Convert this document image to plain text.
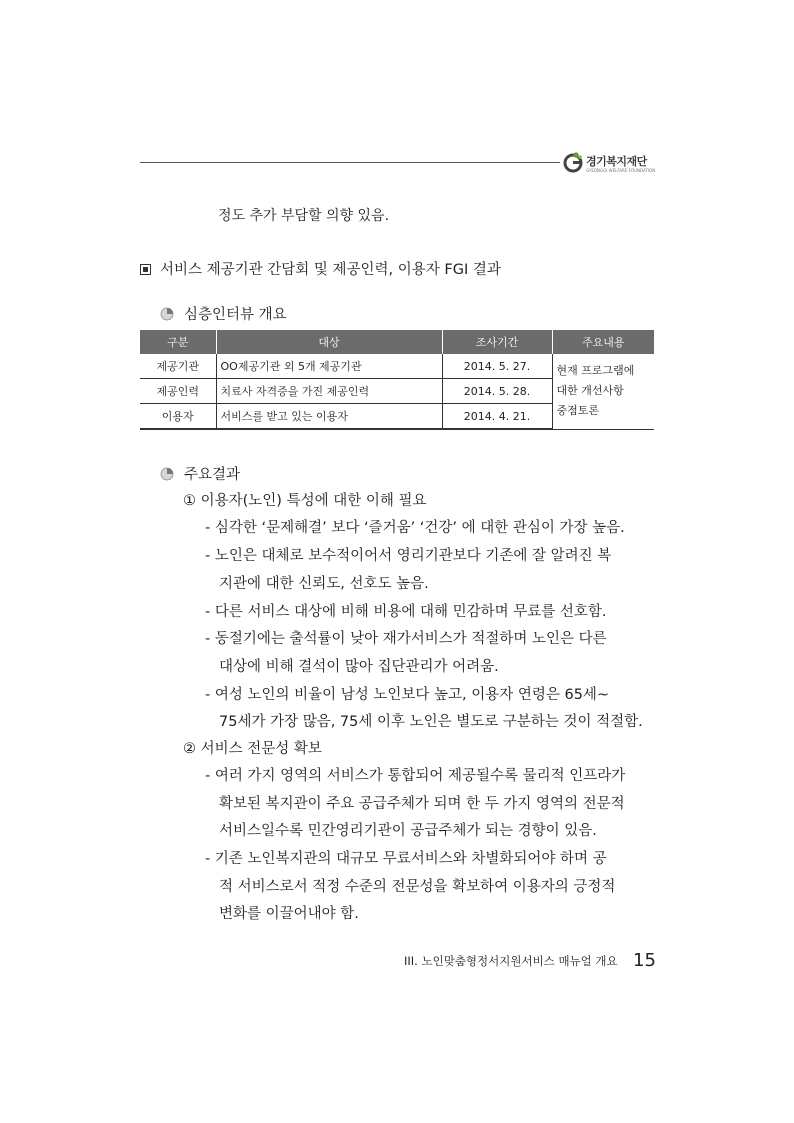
경기복지재단
GYEONGGI WELFARE FOUNDATION
정도 추가 부담할 의향 있음.
서비스 제공기관 간담회 및 제공인력, 이용자 FGI 결과
심층인터뷰 개요
구분	대상	조사기간	주요내용
제공기관	OO제공기관 외 5개 제공기관	2014. 5. 27.	현재 프로그램에
대한 개선사항
중점토론

제공인력	치료사 자격증을 가진 제공인력	2014. 5. 28.	
이용자	서비스를 받고 있는 이용자	2014. 4. 21.	
주요결과
① 이용자(노인) 특성에 대한 이해 필요
- 심각한 ‘문제해결’ 보다 ‘즐거움’ ‘건강’ 에 대한 관심이 가장 높음.
- 노인은 대체로 보수적이어서 영리기관보다 기존에 잘 알려진 복
지관에 대한 신뢰도, 선호도 높음.
- 다른 서비스 대상에 비해 비용에 대해 민감하며 무료를 선호함.
- 동절기에는 출석률이 낮아 재가서비스가 적절하며 노인은 다른
대상에 비해 결석이 많아 집단관리가 어려움.
- 여성 노인의 비율이 남성 노인보다 높고, 이용자 연령은 65세~
75세가 가장 많음, 75세 이후 노인은 별도로 구분하는 것이 적절함.
② 서비스 전문성 확보
- 여러 가지 영역의 서비스가 통합되어 제공될수록 물리적 인프라가
확보된 복지관이 주요 공급주체가 되며 한 두 가지 영역의 전문적
서비스일수록 민간영리기관이 공급주체가 되는 경향이 있음.
- 기존 노인복지관의 대규모 무료서비스와 차별화되어야 하며 공
적 서비스로서 적정 수준의 전문성을 확보하여 이용자의 긍정적
변화를 이끌어내야 함.
III. 노인맞춤형정서지원서비스 매뉴얼 개요 15
